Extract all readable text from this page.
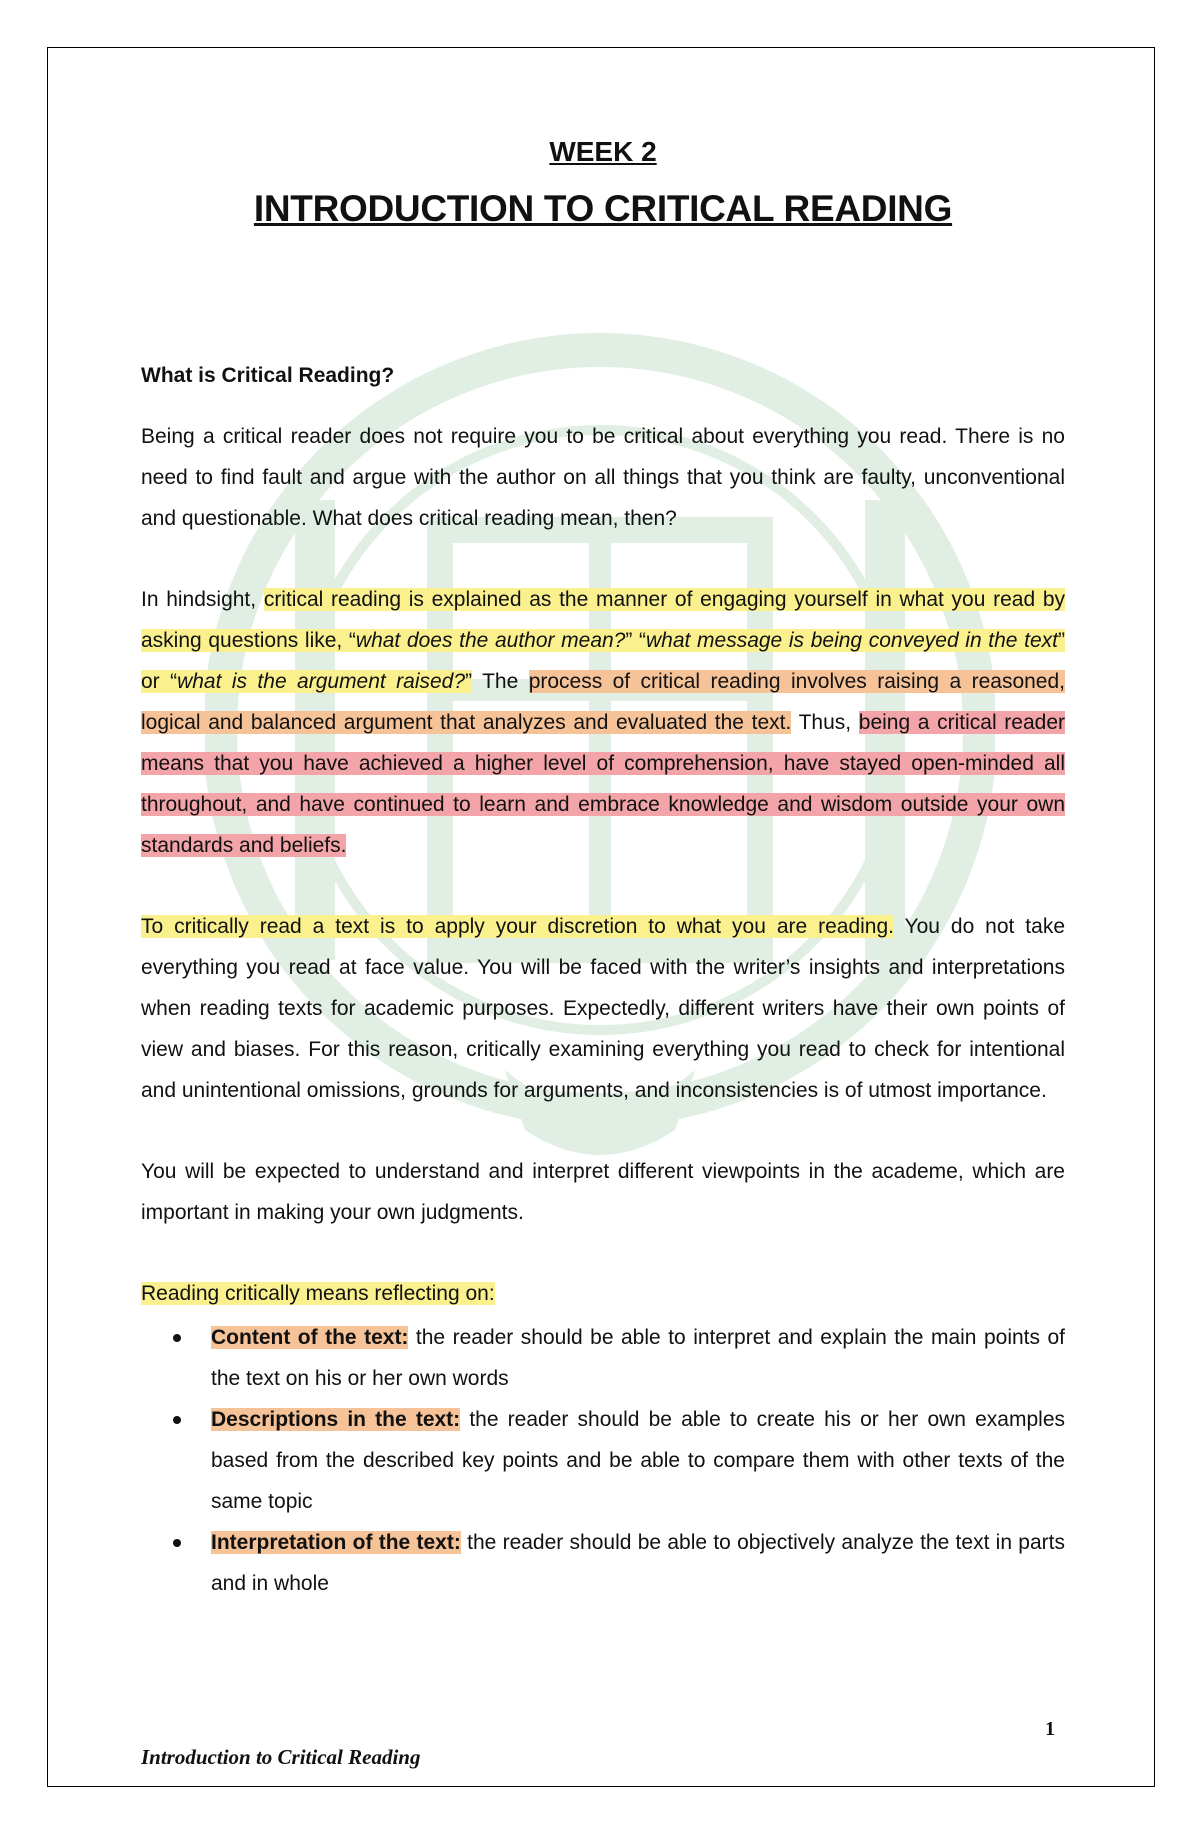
WEEK 2
INTRODUCTION TO CRITICAL READING
What is Critical Reading?

Being a critical reader does not require you to be critical about everything you read. There is no need to find fault and argue with the author on all things that you think are faulty, unconventional and questionable. What does critical reading mean, then?

In hindsight, critical reading is explained as the manner of engaging yourself in what you read by asking questions like, “what does the author mean?” “what message is being conveyed in the text” or “what is the argument raised?” The process of critical reading involves raising a reasoned, logical and balanced argument that analyzes and evaluated the text. Thus, being a critical reader means that you have achieved a higher level of comprehension, have stayed open-minded all throughout, and have continued to learn and embrace knowledge and wisdom outside your own standards and beliefs.

To critically read a text is to apply your discretion to what you are reading. You do not take everything you read at face value. You will be faced with the writer’s insights and interpretations when reading texts for academic purposes. Expectedly, different writers have their own points of view and biases. For this reason, critically examining everything you read to check for intentional and unintentional omissions, grounds for arguments, and inconsistencies is of utmost importance.

You will be expected to understand and interpret different viewpoints in the academe, which are important in making your own judgments.

Reading critically means reflecting on:

Content of the text: the reader should be able to interpret and explain the main points of the text on his or her own words
Descriptions in the text: the reader should be able to create his or her own examples based from the described key points and be able to compare them with other texts of the same topic
Interpretation of the text: the reader should be able to objectively analyze the text in parts and in whole
1
Introduction to Critical Reading
